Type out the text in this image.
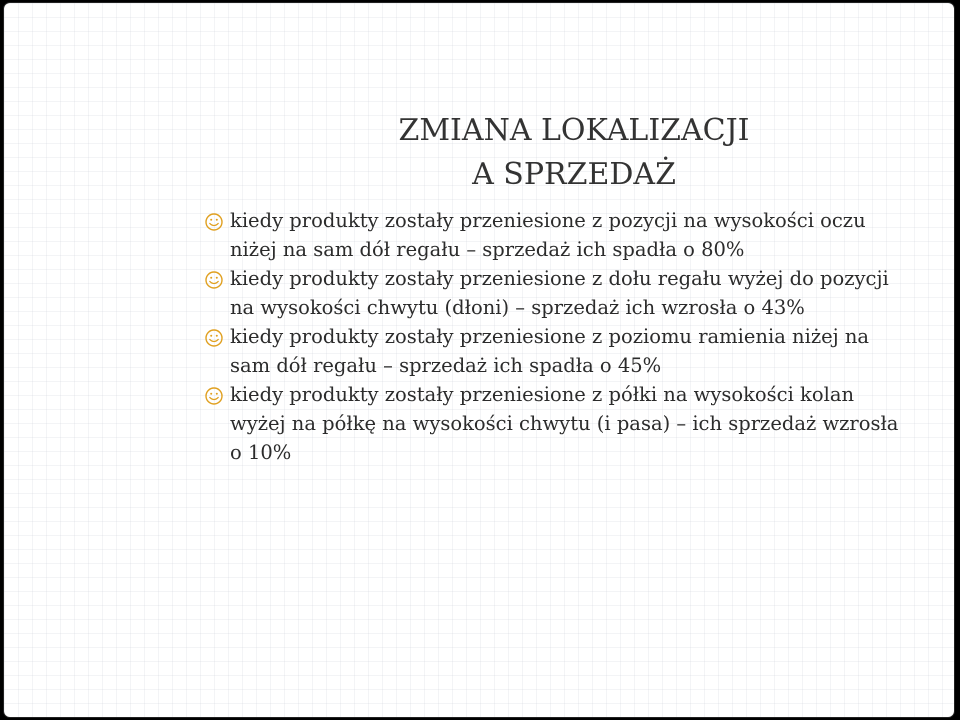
ZMIANA LOKALIZACJI
A SPRZEDAŻ
kiedy produkty zostały przeniesione z pozycji na wysokości oczu niżej na sam dół regału – sprzedaż ich spadła o 80%
kiedy produkty zostały przeniesione z dołu regału wyżej do pozycji na wysokości chwytu (dłoni) – sprzedaż ich wzrosła o 43%
kiedy produkty zostały przeniesione z poziomu ramienia niżej na sam dół regału – sprzedaż ich spadła o 45%
kiedy produkty zostały przeniesione z półki na wysokości kolan wyżej na półkę na wysokości chwytu (i pasa) – ich sprzedaż wzrosła o 10%
